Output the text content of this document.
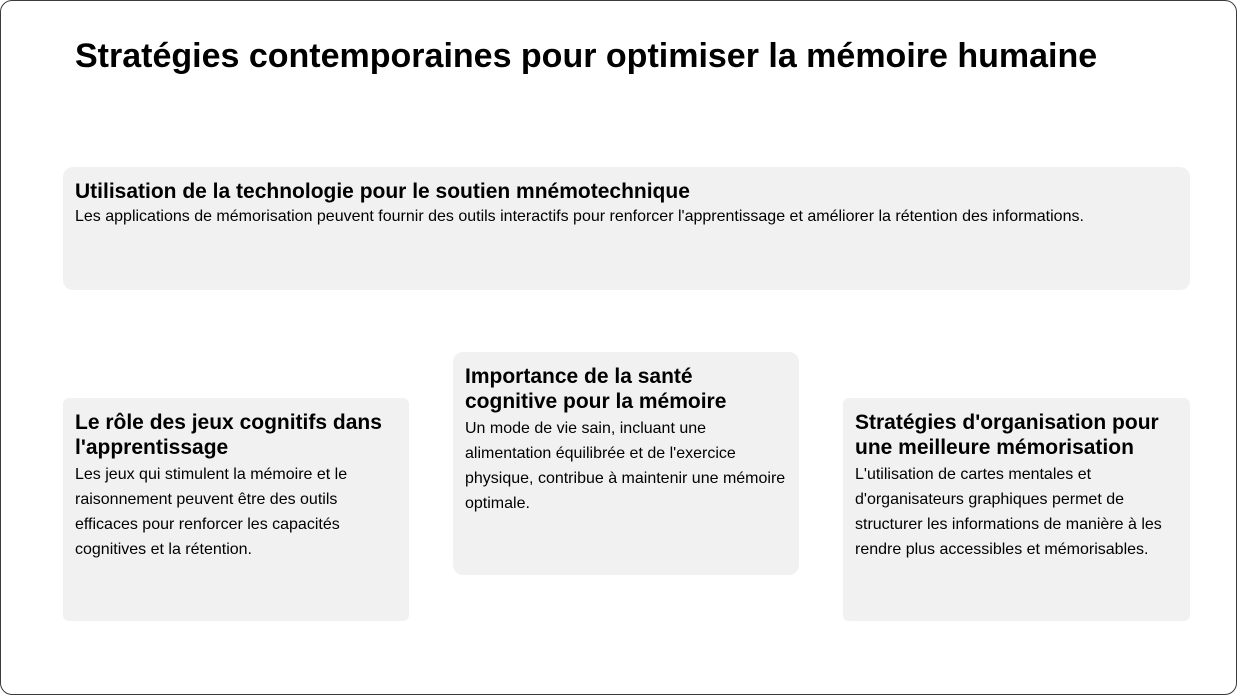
Stratégies contemporaines pour optimiser la mémoire humaine
Utilisation de la technologie pour le soutien mnémotechnique

Les applications de mémorisation peuvent fournir des outils interactifs pour renforcer l'apprentissage et améliorer la rétention des informations.

Le rôle des jeux cognitifs dans l'apprentissage

Les jeux qui stimulent la mémoire et le raisonnement peuvent être des outils efficaces pour renforcer les capacités cognitives et la rétention.

Importance de la santé cognitive pour la mémoire

Un mode de vie sain, incluant une alimentation équilibrée et de l'exercice physique, contribue à maintenir une mémoire optimale.

Stratégies d'organisation pour une meilleure mémorisation

L'utilisation de cartes mentales et d'organisateurs graphiques permet de structurer les informations de manière à les rendre plus accessibles et mémorisables.
